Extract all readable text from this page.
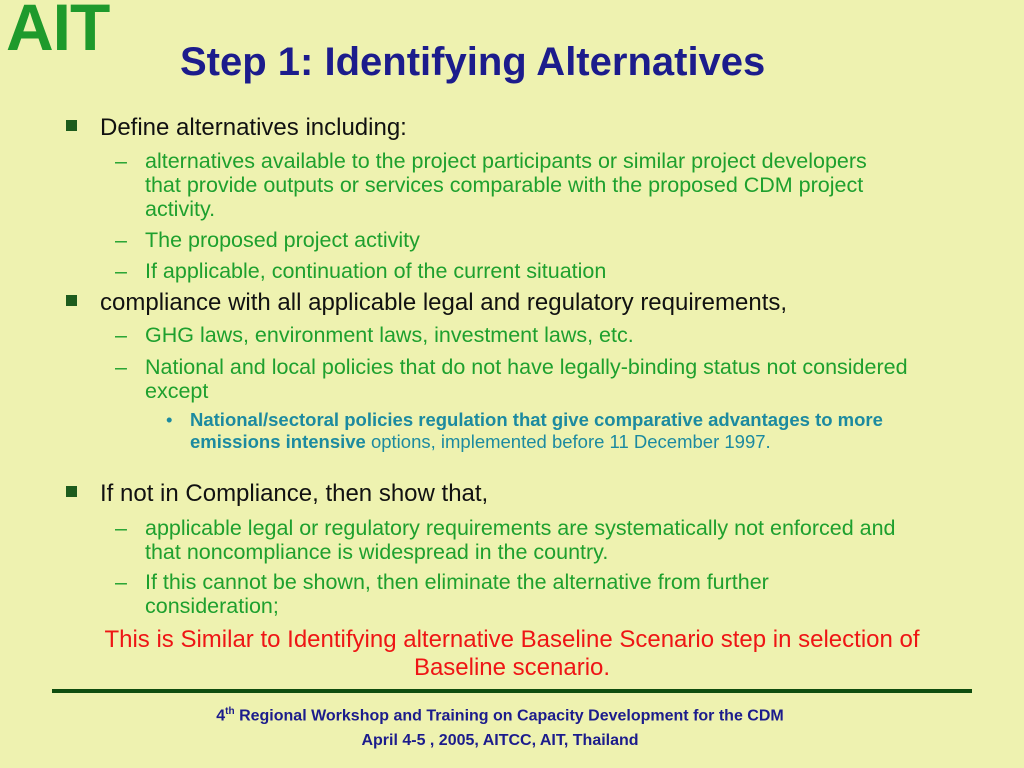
AIT Step 1: Identifying Alternatives
Define alternatives including:
– alternatives available to the project participants or similar project developers that provide outputs or services comparable with the proposed CDM project activity.
– The proposed project activity
– If applicable, continuation of the current situation
compliance with all applicable legal and regulatory requirements,
– GHG laws, environment laws, investment laws, etc.
– National and local policies that do not have legally-binding status not considered except
• National/sectoral policies regulation that give comparative advantages to more emissions intensive options, implemented before 11 December 1997.
If not in Compliance, then show that,
– applicable legal or regulatory requirements are systematically not enforced and that noncompliance is widespread in the country.
– If this cannot be shown, then eliminate the alternative from further consideration;
This is Similar to Identifying alternative Baseline Scenario step in selection of Baseline scenario.
4th Regional Workshop and Training on Capacity Development for the CDM
April 4-5 , 2005, AITCC, AIT, Thailand
